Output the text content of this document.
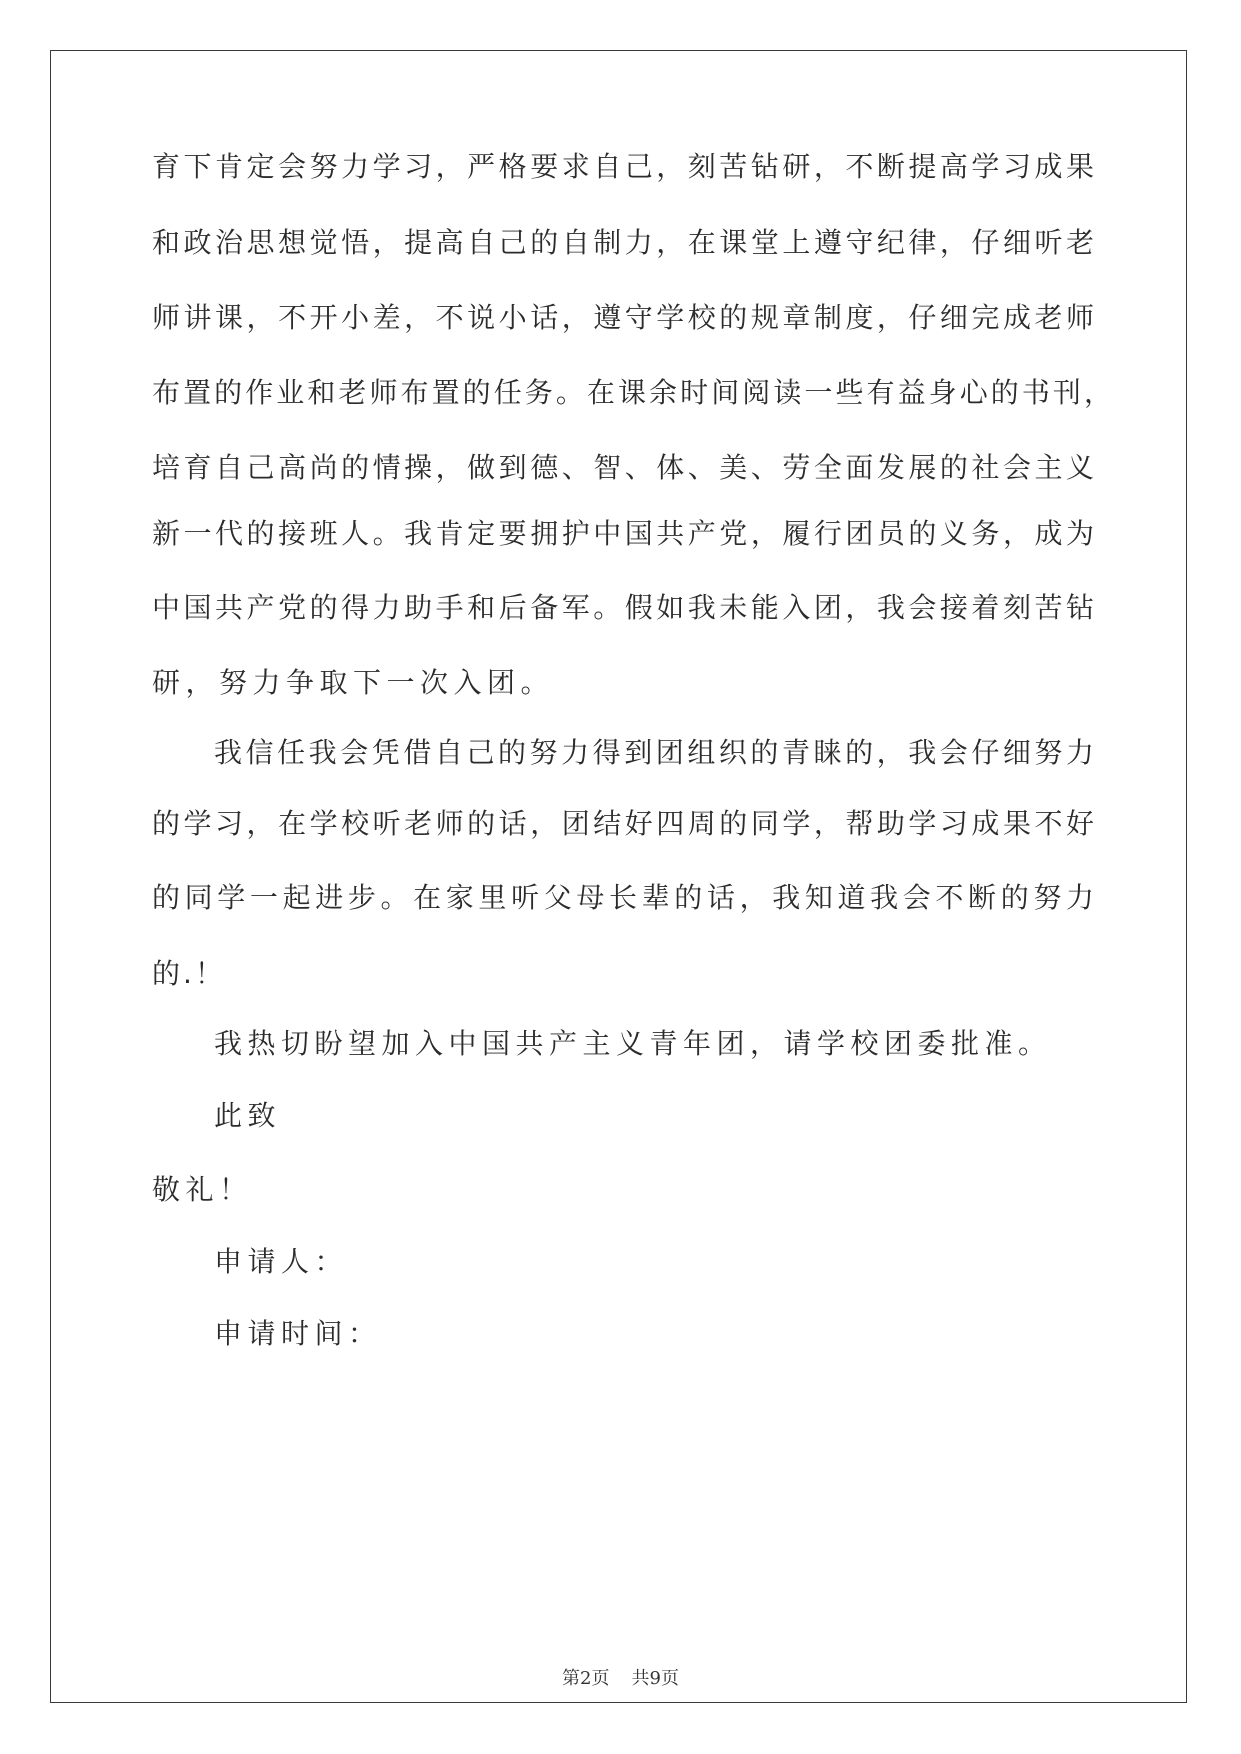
育下肯定会努力学习，严格要求自己，刻苦钻研，不断提高学习成果
和政治思想觉悟，提高自己的自制力，在课堂上遵守纪律，仔细听老
师讲课，不开小差，不说小话，遵守学校的规章制度，仔细完成老师
布置的作业和老师布置的任务。在课余时间阅读一些有益身心的书刊，
培育自己高尚的情操，做到德、智、体、美、劳全面发展的社会主义
新一代的接班人。我肯定要拥护中国共产党，履行团员的义务，成为
中国共产党的得力助手和后备军。假如我未能入团，我会接着刻苦钻
研，努力争取下一次入团。
我信任我会凭借自己的努力得到团组织的青睐的，我会仔细努力
的学习，在学校听老师的话，团结好四周的同学，帮助学习成果不好
的同学一起进步。在家里听父母长辈的话，我知道我会不断的努力
的.！
我热切盼望加入中国共产主义青年团，请学校团委批准。
此致
敬礼！
申请人：
申请时间：
第2页 共9页
